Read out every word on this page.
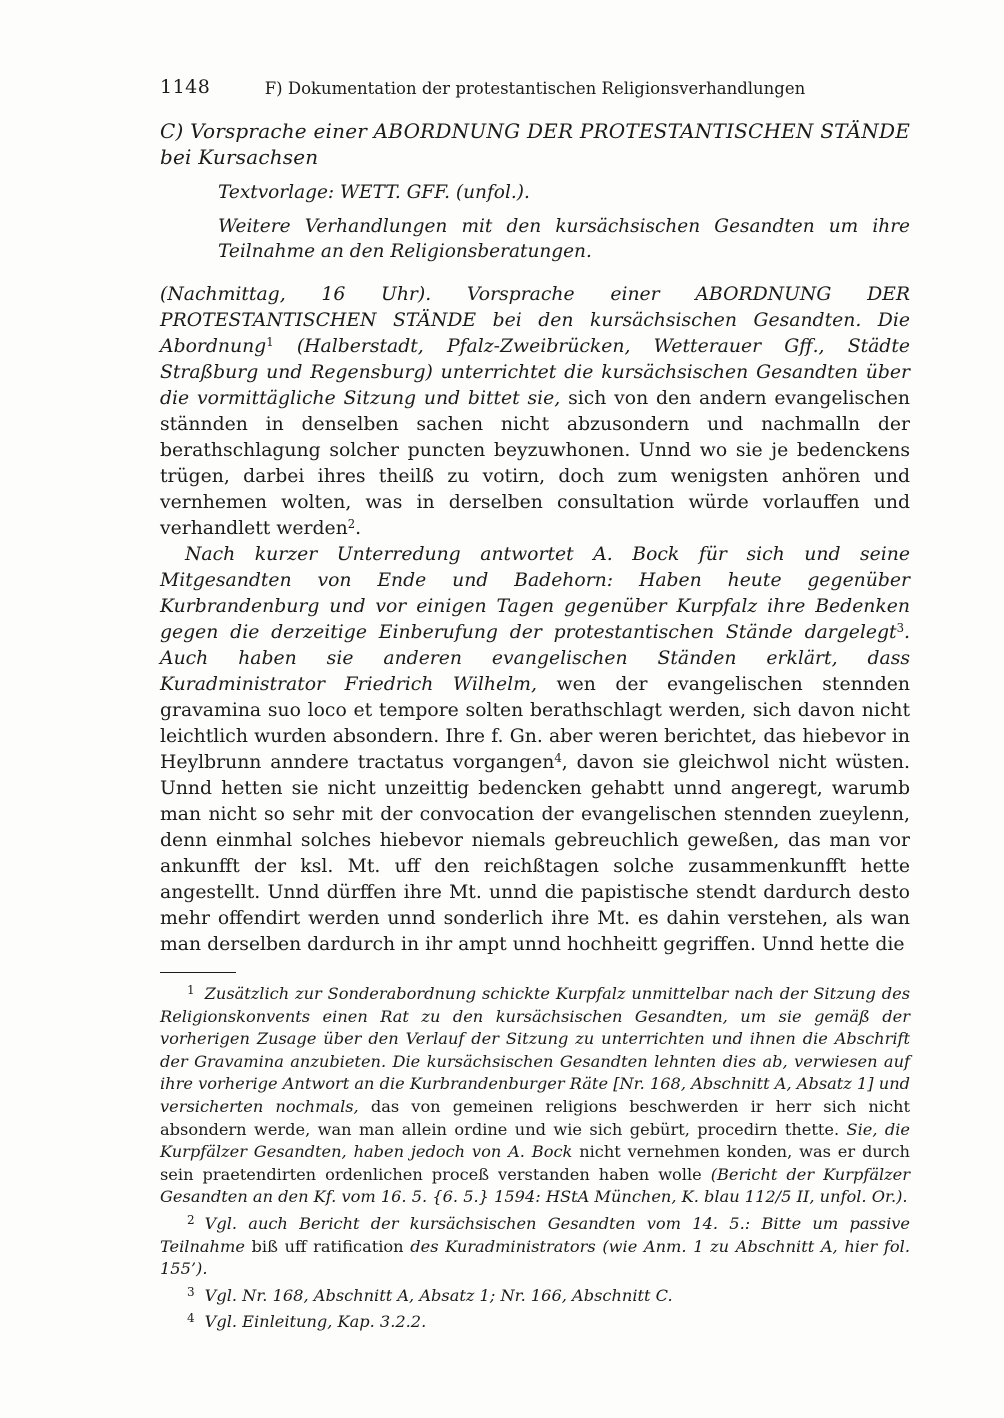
1148	F) Dokumentation der protestantischen Religionsverhandlungen
C) Vorsprache einer ABORDNUNG DER PROTESTANTISCHEN STÄNDE bei Kursachsen

Textvorlage: WETT. GFF. (unfol.).

Weitere Verhandlungen mit den kursächsischen Gesandten um ihre Teilnahme an den Religionsberatungen.

(Nachmittag, 16 Uhr). Vorsprache einer ABORDNUNG DER PROTESTANTISCHEN STÄNDE bei den kursächsischen Gesandten. Die Abordnung$^1$ (Halberstadt, Pfalz-Zweibrücken, Wetterauer Gff., Städte Straßburg und Regensburg) unterrichtet die kursächsischen Gesandten über die vormittägliche Sitzung und bittet sie, sich von den andern evangelischen stännden in denselben sachen nicht abzusondern und nachmalln der berathschlagung solcher puncten beyzuwhonen. Unnd wo sie je bedenckens trügen, darbei ihres theilß zu votirn, doch zum wenigsten anhören und vernhemen wolten, was in derselben consultation würde vorlauffen und verhandlett werden$^2$.

Nach kurzer Unterredung antwortet A. Bock für sich und seine Mitgesandten von Ende und Badehorn: Haben heute gegenüber Kurbrandenburg und vor einigen Tagen gegenüber Kurpfalz ihre Bedenken gegen die derzeitige Einberufung der protestantischen Stände dargelegt$^3$. Auch haben sie anderen evangelischen Ständen erklärt, dass Kuradministrator Friedrich Wilhelm, wen der evangelischen stennden gravamina suo loco et tempore solten berathschlagt werden, sich davon nicht leichtlich wurden absondern. Ihre f. Gn. aber weren berichtet, das hiebevor in Heylbrunn anndere tractatus vorgangen$^4$, davon sie gleichwol nicht wüsten. Unnd hetten sie nicht unzeittig bedencken gehabtt unnd angeregt, warumb man nicht so sehr mit der convocation der evangelischen stennden zueylenn, denn einmhal solches hiebevor niemals gebreuchlich geweßen, das man vor ankunfft der ksl. Mt. uff den reichßtagen solche zusammenkunfft hette angestellt. Unnd dürffen ihre Mt. unnd die papistische stendt dardurch desto mehr offendirt werden unnd sonderlich ihre Mt. es dahin verstehen, als wan man derselben dardurch in ihr ampt unnd hochheitt gegriffen. Unnd hette die

$^1$ Zusätzlich zur Sonderabordnung schickte Kurpfalz unmittelbar nach der Sitzung des Religionskonvents einen Rat zu den kursächsischen Gesandten, um sie gemäß der vorherigen Zusage über den Verlauf der Sitzung zu unterrichten und ihnen die Abschrift der Gravamina anzubieten. Die kursächsischen Gesandten lehnten dies ab, verwiesen auf ihre vorherige Antwort an die Kurbrandenburger Räte [Nr. 168, Abschnitt A, Absatz 1] und versicherten nochmals, das von gemeinen religions beschwerden ir herr sich nicht absondern werde, wan man allein ordine und wie sich gebürt, procedirn thette. Sie, die Kurpfälzer Gesandten, haben jedoch von A. Bock nicht vernehmen konden, was er durch sein praetendirten ordenlichen proceß verstanden haben wolle (Bericht der Kurpfälzer Gesandten an den Kf. vom 16. 5. {6. 5.} 1594: HStA München, K. blau 112/5 II, unfol. Or.).

$^2$ Vgl. auch Bericht der kursächsischen Gesandten vom 14. 5.: Bitte um passive Teilnahme biß uff ratification des Kuradministrators (wie Anm. 1 zu Abschnitt A, hier fol. 155’).

$^3$ Vgl. Nr. 168, Abschnitt A, Absatz 1; Nr. 166, Abschnitt C.

$^4$ Vgl. Einleitung, Kap. 3.2.2.
